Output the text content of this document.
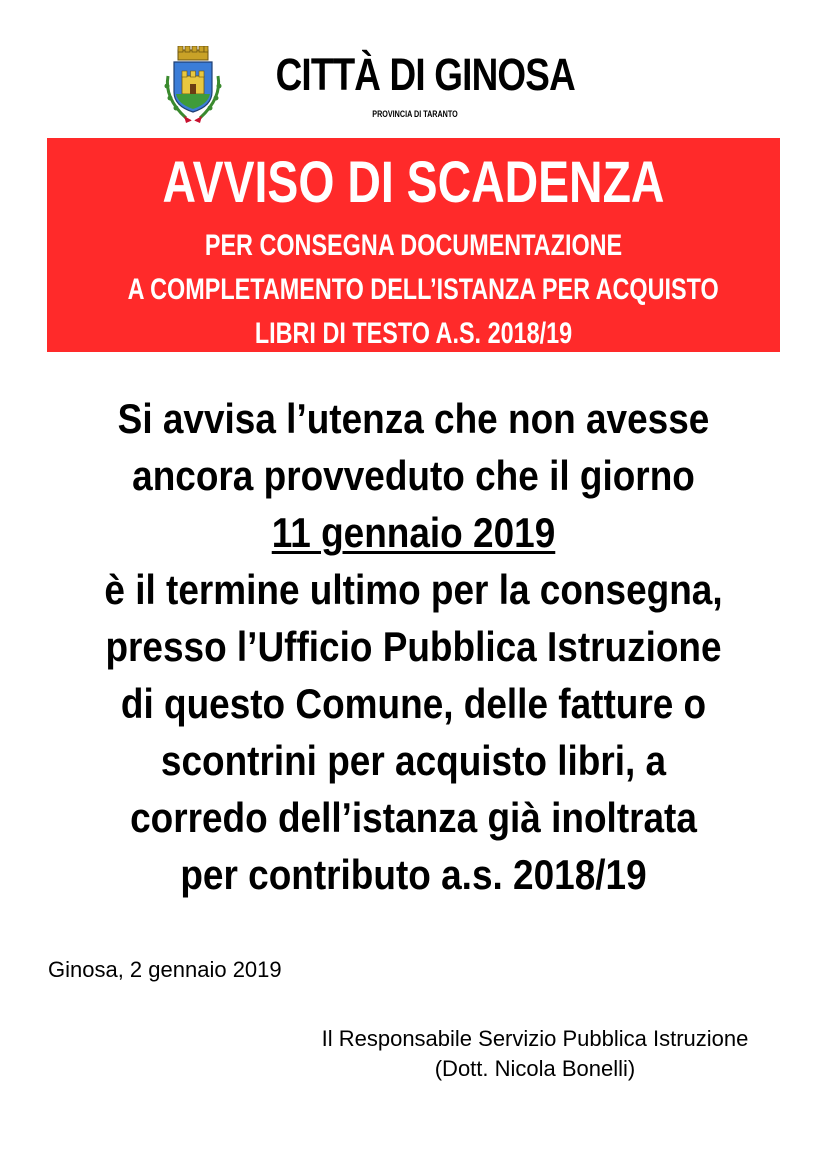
CITTÀ DI GINOSA
PROVINCIA DI TARANTO
AVVISO DI SCADENZA
PER CONSEGNA DOCUMENTAZIONE
A COMPLETAMENTO DELL’ISTANZA PER ACQUISTO
LIBRI DI TESTO A.S. 2018/19
Si avvisa l’utenza che non avesse
ancora provveduto che il giorno
11 gennaio 2019
è il termine ultimo per la consegna,
presso l’Ufficio Pubblica Istruzione
di questo Comune, delle fatture o
scontrini per acquisto libri, a
corredo dell’istanza già inoltrata
per contributo a.s. 2018/19
Ginosa, 2 gennaio 2019
Il Responsabile Servizio Pubblica Istruzione
(Dott. Nicola Bonelli)
